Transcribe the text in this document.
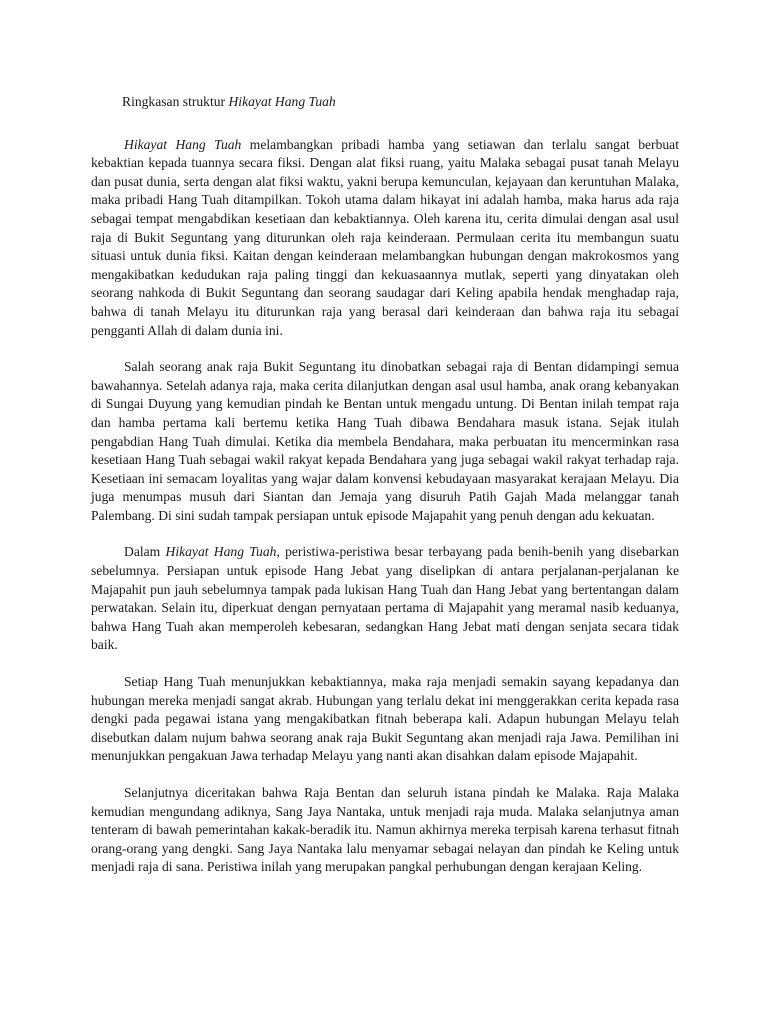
Ringkasan struktur Hikayat Hang Tuah

Hikayat Hang Tuah melambangkan pribadi hamba yang setiawan dan terlalu sangat berbuat kebaktian kepada tuannya secara fiksi. Dengan alat fiksi ruang, yaitu Malaka sebagai pusat tanah Melayu dan pusat dunia, serta dengan alat fiksi waktu, yakni berupa kemunculan, kejayaan dan keruntuhan Malaka, maka pribadi Hang Tuah ditampilkan. Tokoh utama dalam hikayat ini adalah hamba, maka harus ada raja sebagai tempat mengabdikan kesetiaan dan kebaktiannya. Oleh karena itu, cerita dimulai dengan asal usul raja di Bukit Seguntang yang diturunkan oleh raja keinderaan. Permulaan cerita itu membangun suatu situasi untuk dunia fiksi. Kaitan dengan keinderaan melambangkan hubungan dengan makrokosmos yang mengakibatkan kedudukan raja paling tinggi dan kekuasaannya mutlak, seperti yang dinyatakan oleh seorang nahkoda di Bukit Seguntang dan seorang saudagar dari Keling apabila hendak menghadap raja, bahwa di tanah Melayu itu diturunkan raja yang berasal dari keinderaan dan bahwa raja itu sebagai pengganti Allah di dalam dunia ini.

Salah seorang anak raja Bukit Seguntang itu dinobatkan sebagai raja di Bentan didampingi semua bawahannya. Setelah adanya raja, maka cerita dilanjutkan dengan asal usul hamba, anak orang kebanyakan di Sungai Duyung yang kemudian pindah ke Bentan untuk mengadu untung. Di Bentan inilah tempat raja dan hamba pertama kali bertemu ketika Hang Tuah dibawa Bendahara masuk istana. Sejak itulah pengabdian Hang Tuah dimulai. Ketika dia membela Bendahara, maka perbuatan itu mencerminkan rasa kesetiaan Hang Tuah sebagai wakil rakyat kepada Bendahara yang juga sebagai wakil rakyat terhadap raja. Kesetiaan ini semacam loyalitas yang wajar dalam konvensi kebudayaan masyarakat kerajaan Melayu. Dia juga menumpas musuh dari Siantan dan Jemaja yang disuruh Patih Gajah Mada melanggar tanah Palembang. Di sini sudah tampak persiapan untuk episode Majapahit yang penuh dengan adu kekuatan.

Dalam Hikayat Hang Tuah, peristiwa-peristiwa besar terbayang pada benih-benih yang disebarkan sebelumnya. Persiapan untuk episode Hang Jebat yang diselipkan di antara perjalanan-perjalanan ke Majapahit pun jauh sebelumnya tampak pada lukisan Hang Tuah dan Hang Jebat yang bertentangan dalam perwatakan. Selain itu, diperkuat dengan pernyataan pertama di Majapahit yang meramal nasib keduanya, bahwa Hang Tuah akan memperoleh kebesaran, sedangkan Hang Jebat mati dengan senjata secara tidak baik.

Setiap Hang Tuah menunjukkan kebaktiannya, maka raja menjadi semakin sayang kepadanya dan hubungan mereka menjadi sangat akrab. Hubungan yang terlalu dekat ini menggerakkan cerita kepada rasa dengki pada pegawai istana yang mengakibatkan fitnah beberapa kali. Adapun hubungan Melayu telah disebutkan dalam nujum bahwa seorang anak raja Bukit Seguntang akan menjadi raja Jawa. Pemilihan ini menunjukkan pengakuan Jawa terhadap Melayu yang nanti akan disahkan dalam episode Majapahit.

Selanjutnya diceritakan bahwa Raja Bentan dan seluruh istana pindah ke Malaka. Raja Malaka kemudian mengundang adiknya, Sang Jaya Nantaka, untuk menjadi raja muda. Malaka selanjutnya aman tenteram di bawah pemerintahan kakak-beradik itu. Namun akhirnya mereka terpisah karena terhasut fitnah orang-orang yang dengki. Sang Jaya Nantaka lalu menyamar sebagai nelayan dan pindah ke Keling untuk menjadi raja di sana. Peristiwa inilah yang merupakan pangkal perhubungan dengan kerajaan Keling.
